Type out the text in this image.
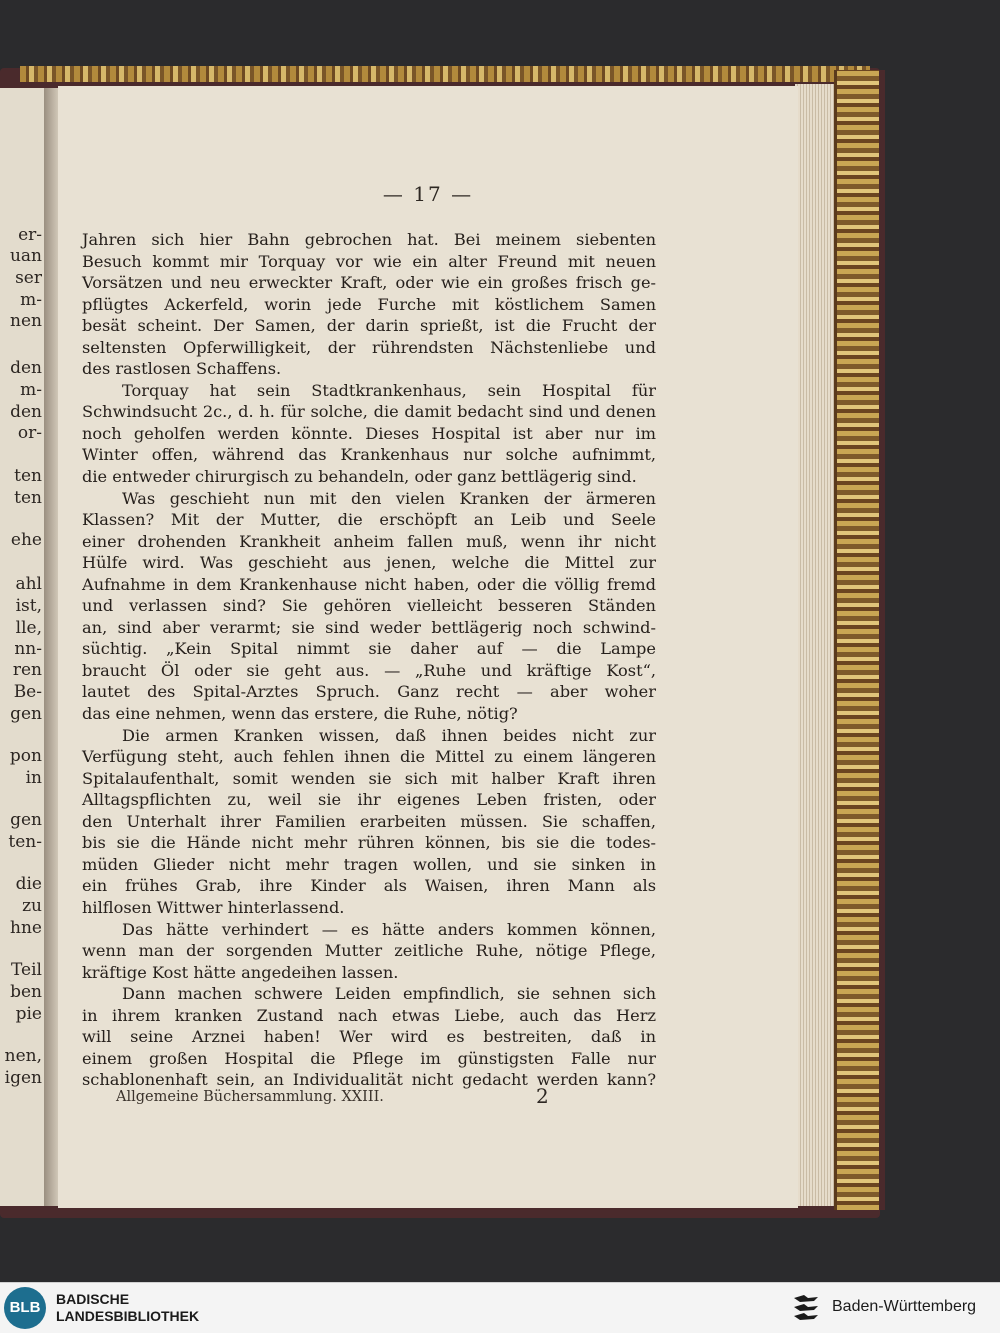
er-
uan
ser
m-
nen
den
m-
den
or-
ten
ten
ehe
ahl
ist,
lle,
nn-
ren
Be-
gen
pon
in
gen
ten-
die
zu
hne
Teil
ben
pie
nen,
igen
— 17 —
Jahren sich hier Bahn gebrochen hat. Bei meinem siebenten
Besuch kommt mir Torquay vor wie ein alter Freund mit neuen
Vorsätzen und neu erweckter Kraft, oder wie ein großes frisch ge-
pflügtes Ackerfeld, worin jede Furche mit köstlichem Samen
besät scheint. Der Samen, der darin sprießt, ist die Frucht der
seltensten Opferwilligkeit, der rührendsten Nächstenliebe und
des rastlosen Schaffens.
Torquay hat sein Stadtkrankenhaus, sein Hospital für
Schwindsucht 2c., d. h. für solche, die damit bedacht sind und denen
noch geholfen werden könnte. Dieses Hospital ist aber nur im
Winter offen, während das Krankenhaus nur solche aufnimmt,
die entweder chirurgisch zu behandeln, oder ganz bettlägerig sind.
Was geschieht nun mit den vielen Kranken der ärmeren
Klassen? Mit der Mutter, die erschöpft an Leib und Seele
einer drohenden Krankheit anheim fallen muß, wenn ihr nicht
Hülfe wird. Was geschieht aus jenen, welche die Mittel zur
Aufnahme in dem Krankenhause nicht haben, oder die völlig fremd
und verlassen sind? Sie gehören vielleicht besseren Ständen
an, sind aber verarmt; sie sind weder bettlägerig noch schwind-
süchtig. „Kein Spital nimmt sie daher auf — die Lampe
braucht Öl oder sie geht aus. — „Ruhe und kräftige Kost“,
lautet des Spital-Arztes Spruch. Ganz recht — aber woher
das eine nehmen, wenn das erstere, die Ruhe, nötig?
Die armen Kranken wissen, daß ihnen beides nicht zur
Verfügung steht, auch fehlen ihnen die Mittel zu einem längeren
Spitalaufenthalt, somit wenden sie sich mit halber Kraft ihren
Alltagspflichten zu, weil sie ihr eigenes Leben fristen, oder
den Unterhalt ihrer Familien erarbeiten müssen. Sie schaffen,
bis sie die Hände nicht mehr rühren können, bis sie die todes-
müden Glieder nicht mehr tragen wollen, und sie sinken in
ein frühes Grab, ihre Kinder als Waisen, ihren Mann als
hilflosen Wittwer hinterlassend.
Das hätte verhindert — es hätte anders kommen können,
wenn man der sorgenden Mutter zeitliche Ruhe, nötige Pflege,
kräftige Kost hätte angedeihen lassen.
Dann machen schwere Leiden empfindlich, sie sehnen sich
in ihrem kranken Zustand nach etwas Liebe, auch das Herz
will seine Arznei haben! Wer wird es bestreiten, daß in
einem großen Hospital die Pflege im günstigsten Falle nur
schablonenhaft sein, an Individualität nicht gedacht werden kann?
Allgemeine Büchersammlung. XXIII.	2
BLB	BADISCHE
LANDESBIBLIOTHEK
Baden-Württemberg
